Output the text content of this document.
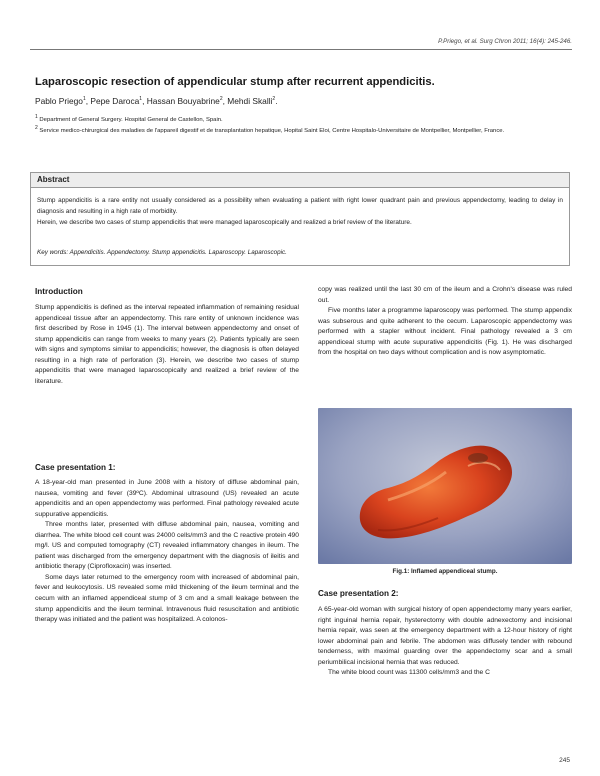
P.Priego, et al. Surg Chron 2011; 16(4): 245-246.
Laparoscopic resection of appendicular stump after recurrent appendicitis.
Pablo Priego$^1$, Pepe Daroca$^1$, Hassan Bouyabrine$^2$, Mehdi Skalli$^2$.
$^1$ Department of General Surgery. Hospital General de Castellon, Spain.
$^2$ Service medico-chirurgical des maladies de l'appareil digestif et de transplantation hepatique, Hopital Saint Eloi, Centre Hospitalo-Universitaire de Montpellier, Montpellier, France.
Abstract
Stump appendicitis is a rare entity not usually considered as a possibility when evaluating a patient with right lower quadrant pain and previous appendectomy, leading to delay in diagnosis and resulting in a high rate of morbidity.
Herein, we describe two cases of stump appendicitis that were managed laparoscopically and realized a brief review of the literature.
Key words: Appendicitis. Appendectomy. Stump appendicitis. Laparoscopy. Laparoscopic.
Introduction

Stump appendicitis is defined as the interval repeated inflammation of remaining residual appendiceal tissue after an appendectomy. This rare entity of unknown incidence was first described by Rose in 1945 (1). The interval between appendectomy and onset of stump appendicitis can range from weeks to many years (2). Patients typically are seen with signs and symptoms similar to appendicitis; however, the diagnosis is often delayed resulting in a high rate of perforation (3). Herein, we describe two cases of stump appendicitis that were managed laparoscopically and realized a brief review of the literature.

Case presentation 1:

A 18-year-old man presented in June 2008 with a history of diffuse abdominal pain, nausea, vomiting and fever (39ºC). Abdominal ultrasound (US) revealed an acute appendicitis and an open appendectomy was performed. Final pathology revealed acute suppurative appendicitis.

Three months later, presented with diffuse abdominal pain, nausea, vomiting and diarrhea. The white blood cell count was 24000 cells/mm3 and the C reactive protein 490 mg/l. US and computed tomography (CT) revealed inflammatory changes in ileum. The patient was discharged from the emergency department with the diagnosis of ileitis and antibiotic therapy (Ciprofloxacin) was inserted.

Some days later returned to the emergency room with increased of abdominal pain, fever and leukocytosis. US revealed some mild thickening of the ileum terminal and the cecum with an inflamed appendiceal stump of 3 cm and a small leakage between the stump appendicitis and the ileum terminal. Intravenous fluid resuscitation and antibiotic therapy was initiated and the patient was hospitalized. A colonos-

copy was realized until the last 30 cm of the ileum and a Crohn's disease was ruled out.

Five months later a programme laparoscopy was performed. The stump appendix was subserous and quite adherent to the cecum. Laparoscopic appendectomy was performed with a stapler without incident. Final pathology revealed a 3 cm appendiceal stump with acute supurative appendicitis (Fig. 1). He was discharged from the hospital on two days without complication and is now asymptomatic.

Fig.1: Inflamed appendiceal stump.
Case presentation 2:

A 65-year-old woman with surgical history of open appendectomy many years earlier, right inguinal hernia repair, hysterectomy with double adnexectomy and incisional hernia repair, was seen at the emergency department with a 12-hour history of right lower abdominal pain and febrile. The abdomen was diffusely tender with rebound tenderness, with maximal guarding over the appendectomy scar and a small periumbilical incisional hernia that was reduced.

The white blood count was 11300 cells/mm3 and the C

245
